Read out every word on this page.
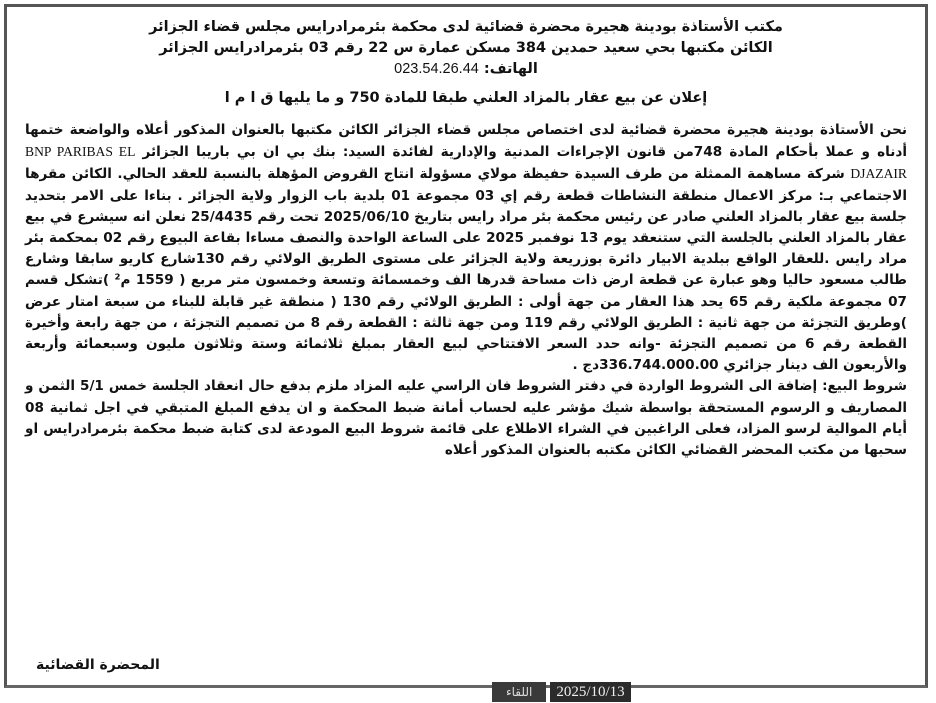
مكتب الأستاذة بودينة هجيرة محضرة قضائية لدى محكمة بئرمرادرايس مجلس قضاء الجزائر
الكائن مكتبها بحي سعيد حمدين 384 مسكن عمارة س 22 رقم 03 بئرمرادرايس الجزائر
الهاتف: 023.54.26.44
إعلان عن بيع عقار بالمزاد العلني طبقا للمادة 750 و ما يليها ق ا م ا

نحن الأستاذة بودينة هجيرة محضرة قضائية لدى اختصاص مجلس قضاء الجزائر الكائن مكتبها بالعنوان المذكور أعلاه والواضعة ختمها أدناه و عملا بأحكام المادة 748من قانون الإجراءات المدنية والإدارية لفائدة السيد: بنك بي ان بي باريبا الجزائر BNP PARIBAS EL DJAZAIR شركة مساهمة الممثلة من طرف السيدة حفيظة مولاي مسؤولة انتاج القروض المؤهلة بالنسبة للعقد الحالي. الكائن مقرها الاجتماعي بـ: مركز الاعمال منطقة النشاطات قطعة رقم إي 03 مجموعة 01 بلدية باب الزوار ولاية الجزائر . بناءا على الامر بتحديد جلسة بيع عقار بالمزاد العلني صادر عن رئيس محكمة بئر مراد رايس بتاريخ 2025/06/10 تحت رقم 25/4435 نعلن انه سيشرع في بيع عقار بالمزاد العلني بالجلسة التي ستنعقد يوم 13 نوفمبر 2025 على الساعة الواحدة والنصف مساءا بقاعة البيوع رقم 02 بمحكمة بئر مراد رايس .للعقار الواقع ببلدية الابيار دائرة بوزريعة ولاية الجزائر على مستوى الطريق الولائي رقم 130شارع كاريو سابقا وشارع طالب مسعود حاليا وهو عبارة عن قطعة ارض ذات مساحة قدرها الف وخمسمائة وتسعة وخمسون متر مربع ( 1559 م² )تشكل قسم 07 مجموعة ملكية رقم 65 يحد هذا العقار من جهة أولى : الطريق الولائي رقم 130 ( منطقة غير قابلة للبناء من سبعة امتار عرض )وطريق التجزئة من جهة ثانية : الطريق الولائي رقم 119 ومن جهة ثالثة : القطعة رقم 8 من تصميم التجزئة ، من جهة رابعة وأخيرة القطعة رقم 6 من تصميم التجزئة -وانه حدد السعر الافتتاحي لبيع العقار بمبلغ ثلاثمائة وستة وثلاثون مليون وسبعمائة وأربعة والأربعون الف دينار جزائري 336.744.000.00دج .

شروط البيع: إضافة الى الشروط الواردة في دفتر الشروط فان الراسي عليه المزاد ملزم بدفع حال انعقاد الجلسة خمس 5/1 الثمن و المصاريف و الرسوم المستحقة بواسطة شيك مؤشر عليه لحساب أمانة ضبط المحكمة و ان يدفع المبلغ المتبقي في اجل ثمانية 08 أيام الموالية لرسو المزاد، فعلى الراغبين في الشراء الاطلاع على قائمة شروط البيع المودعة لدى كتابة ضبط محكمة بئرمرادرايس او سحبها من مكتب المحضر القضائي الكائن مكتبه بالعنوان المذكور أعلاه

المحضرة القضائية
اللقاء	2025/10/13
